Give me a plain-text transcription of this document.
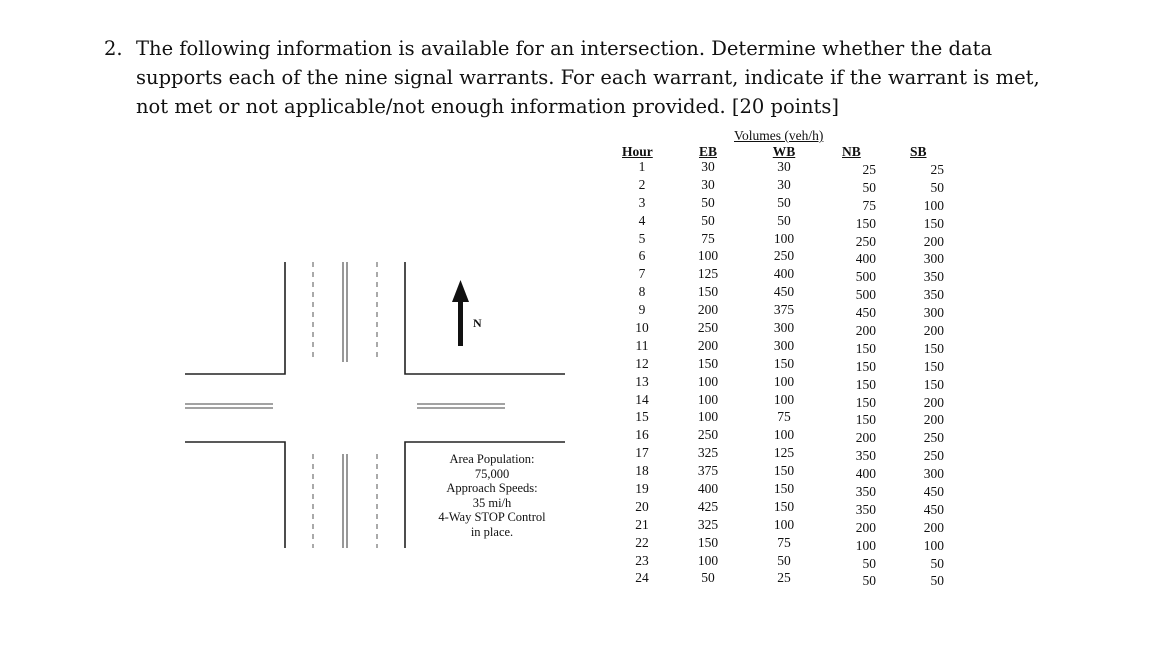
2. The following information is available for an intersection. Determine whether the data supports each of the nine signal warrants. For each warrant, indicate if the warrant is met, not met or not applicable/not enough information provided. [20 points]
Volumes (veh/h)
Hour
1
2
3
4
5
6
7
8
9
10
11
12
13
14
15
16
17
18
19
20
21
22
23
24
EB
30
30
50
50
75
100
125
150
200
250
200
150
100
100
100
250
325
375
400
425
325
150
100
50
WB
30
30
50
50
100
250
400
450
375
300
300
150
100
100
75
100
125
150
150
150
100
75
50
25
NB
25
50
75
150
250
400
500
500
450
200
150
150
150
150
150
200
350
400
350
350
200
100
50
50
SB
25
50
100
150
200
300
350
350
300
200
150
150
150
200
200
250
250
300
450
450
200
100
50
50
N
Area Population:
75,000
Approach Speeds:
35 mi/h
4-Way STOP Control
in place.
